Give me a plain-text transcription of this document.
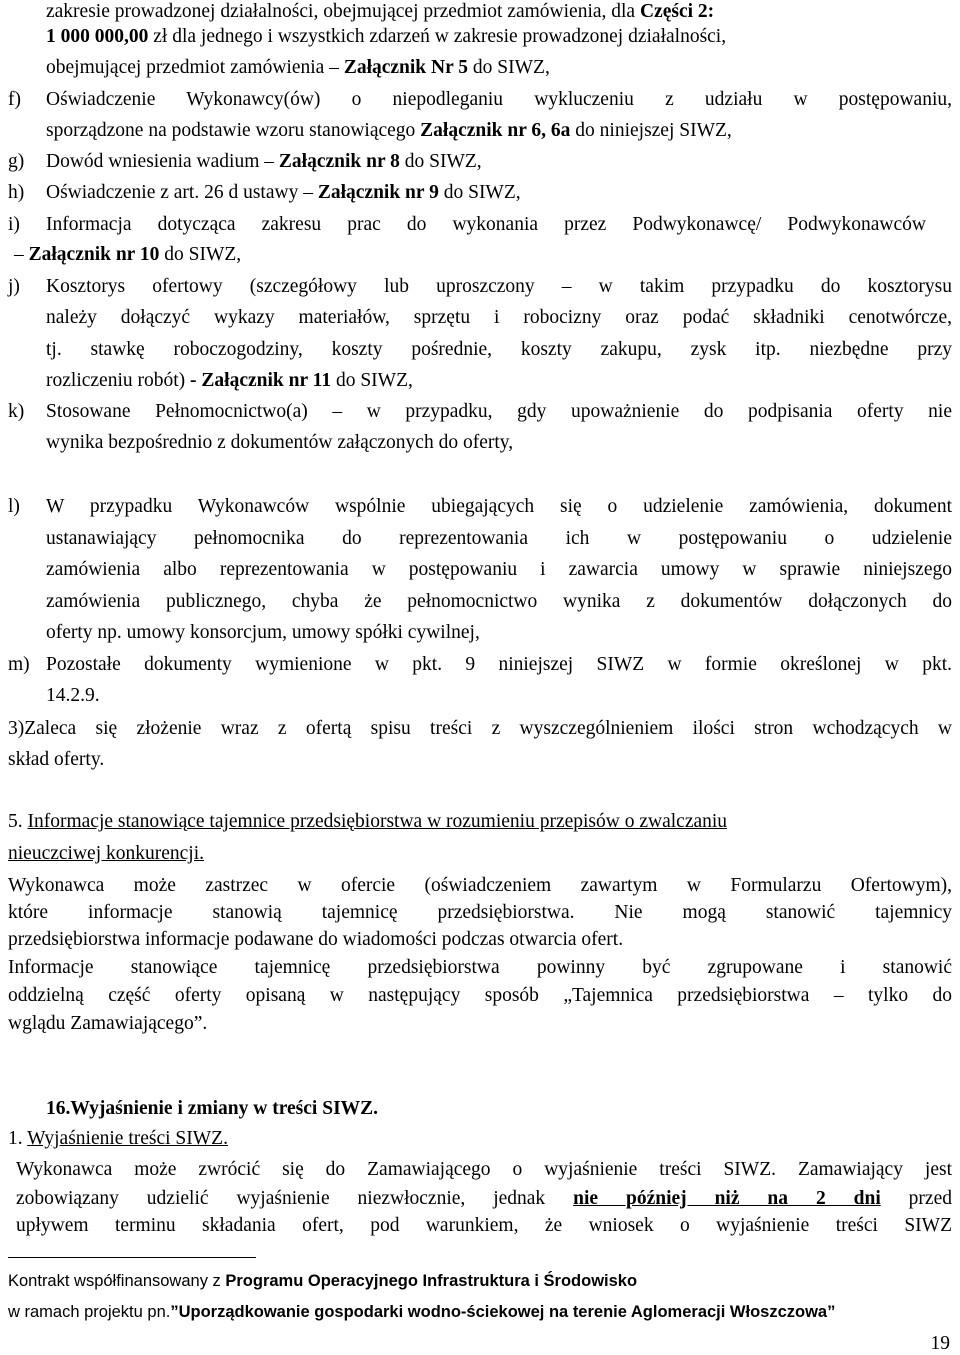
zakresie prowadzonej działalności, obejmującej przedmiot zamówienia, dla Części 2:
1 000 000,00 zł dla jednego i wszystkich zdarzeń w zakresie prowadzonej działalności,
obejmującej przedmiot zamówienia – Załącznik Nr 5 do SIWZ,
f) Oświadczenie Wykonawcy(ów) o niepodleganiu wykluczeniu z udziału w postępowaniu,
sporządzone na podstawie wzoru stanowiącego Załącznik nr 6, 6a do niniejszej SIWZ,
g) Dowód wniesienia wadium – Załącznik nr 8 do SIWZ,
h) Oświadczenie z art. 26 d ustawy – Załącznik nr 9 do SIWZ,
i) Informacja dotycząca zakresu prac do wykonania przez Podwykonawcę/ Podwykonawców
– Załącznik nr 10 do SIWZ,
j) Kosztorys ofertowy (szczegółowy lub uproszczony – w takim przypadku do kosztorysu
należy dołączyć wykazy materiałów, sprzętu i robocizny oraz podać składniki cenotwórcze,
tj. stawkę roboczogodziny, koszty pośrednie, koszty zakupu, zysk itp. niezbędne przy
rozliczeniu robót) - Załącznik nr 11 do SIWZ,
k) Stosowane Pełnomocnictwo(a) – w przypadku, gdy upoważnienie do podpisania oferty nie
wynika bezpośrednio z dokumentów załączonych do oferty,
l) W przypadku Wykonawców wspólnie ubiegających się o udzielenie zamówienia, dokument
ustanawiający pełnomocnika do reprezentowania ich w postępowaniu o udzielenie
zamówienia albo reprezentowania w postępowaniu i zawarcia umowy w sprawie niniejszego
zamówienia publicznego, chyba że pełnomocnictwo wynika z dokumentów dołączonych do
oferty np. umowy konsorcjum, umowy spółki cywilnej,
m) Pozostałe dokumenty wymienione w pkt. 9 niniejszej SIWZ w formie określonej w pkt.
14.2.9.
3)Zaleca się złożenie wraz z ofertą spisu treści z wyszczególnieniem ilości stron wchodzących w
skład oferty.
5. Informacje stanowiące tajemnice przedsiębiorstwa w rozumieniu przepisów o zwalczaniu
nieuczciwej konkurencji.
Wykonawca może zastrzec w ofercie (oświadczeniem zawartym w Formularzu Ofertowym),
które informacje stanowią tajemnicę przedsiębiorstwa. Nie mogą stanowić tajemnicy
przedsiębiorstwa informacje podawane do wiadomości podczas otwarcia ofert.
Informacje stanowiące tajemnicę przedsiębiorstwa powinny być zgrupowane i stanowić
oddzielną część oferty opisaną w następujący sposób „Tajemnica przedsiębiorstwa – tylko do
wglądu Zamawiającego”.
16.Wyjaśnienie i zmiany w treści SIWZ.
1. Wyjaśnienie treści SIWZ.
Wykonawca może zwrócić się do Zamawiającego o wyjaśnienie treści SIWZ. Zamawiający jest
zobowiązany udzielić wyjaśnienie niezwłocznie, jednak nie później niż na 2 dni przed
upływem terminu składania ofert, pod warunkiem, że wniosek o wyjaśnienie treści SIWZ
Kontrakt współfinansowany z Programu Operacyjnego Infrastruktura i Środowisko
w ramach projektu pn.”Uporządkowanie gospodarki wodno-ściekowej na terenie Aglomeracji Włoszczowa”
19
